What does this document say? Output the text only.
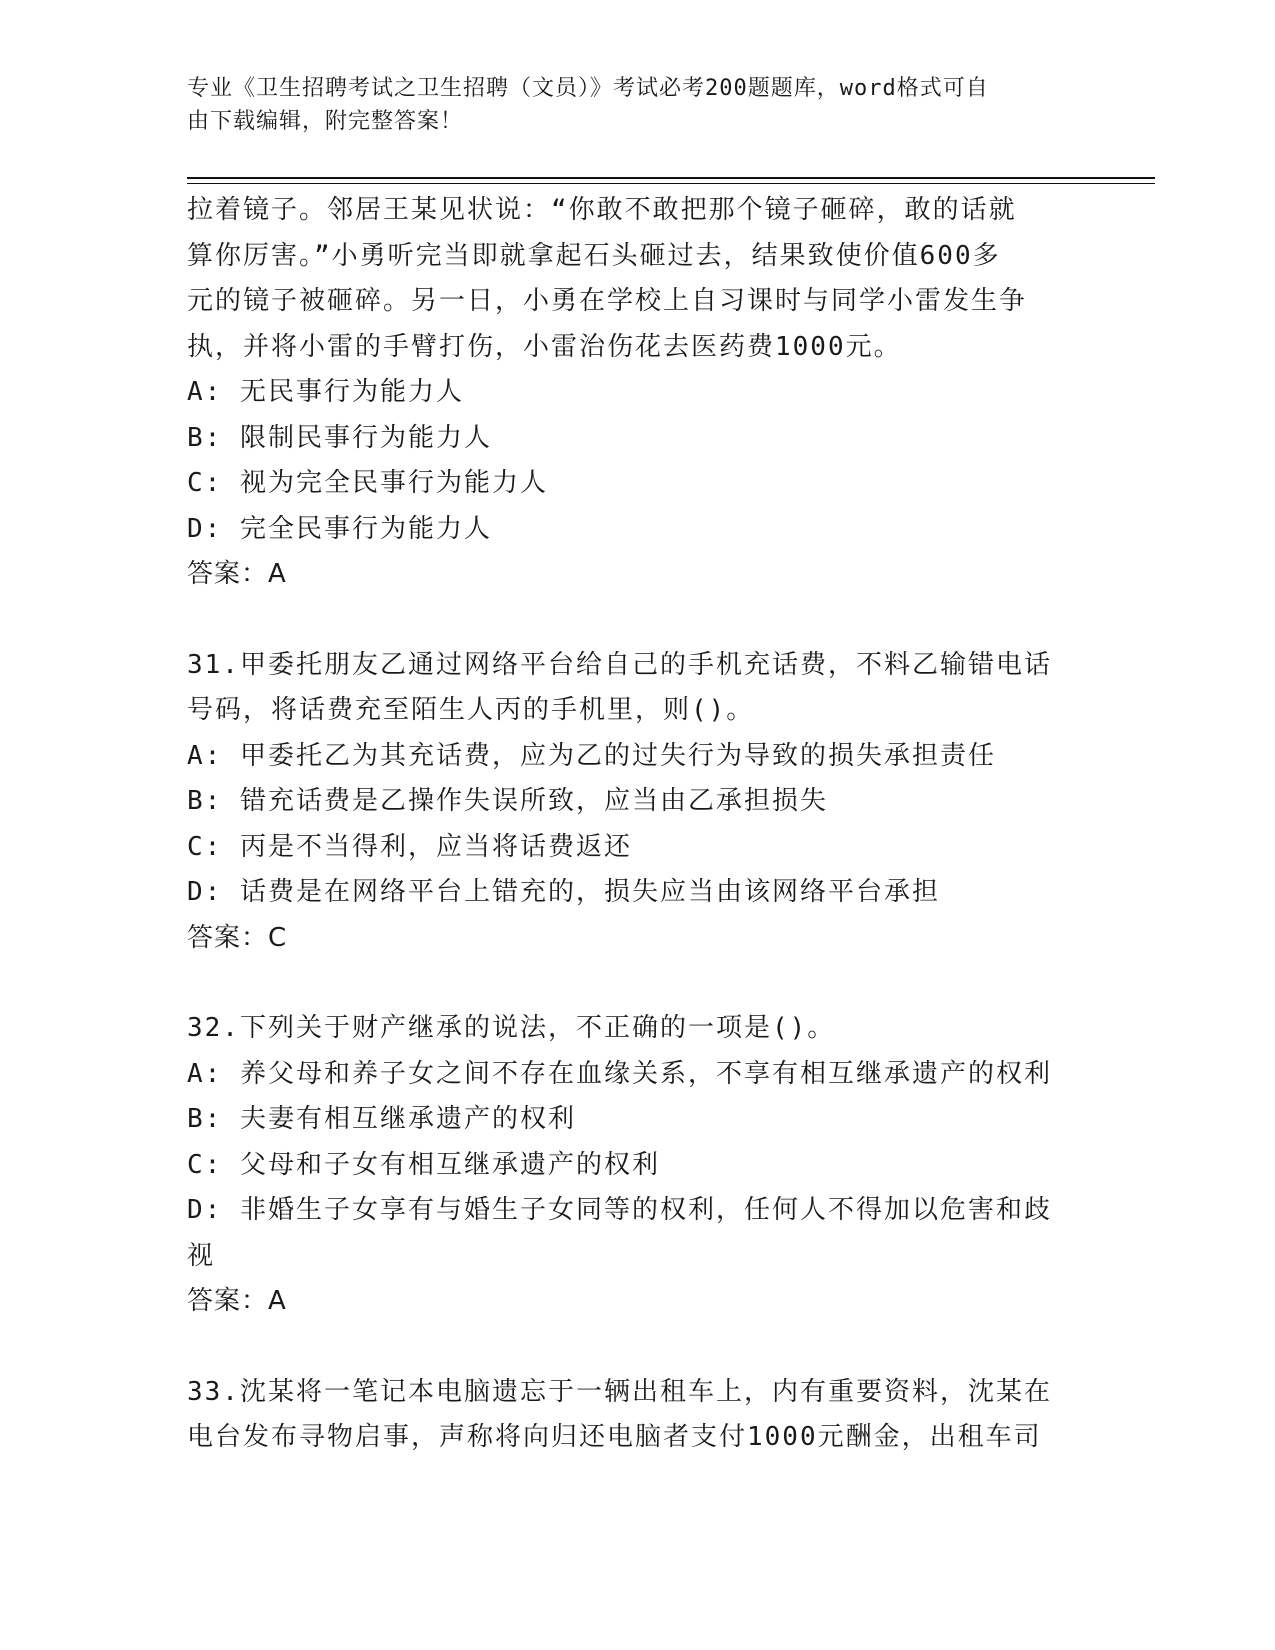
专业《卫生招聘考试之卫生招聘（文员）》考试必考200题题库，word格式可自
由下载编辑，附完整答案！
拉着镜子。邻居王某见状说：“你敢不敢把那个镜子砸碎，敢的话就
算你厉害。”小勇听完当即就拿起石头砸过去，结果致使价值600多
元的镜子被砸碎。另一日，小勇在学校上自习课时与同学小雷发生争
执，并将小雷的手臂打伤，小雷治伤花去医药费1000元。
A: 无民事行为能力人
B: 限制民事行为能力人
C: 视为完全民事行为能力人
D: 完全民事行为能力人
答案：A
31.甲委托朋友乙通过网络平台给自己的手机充话费，不料乙输错电话
号码，将话费充至陌生人丙的手机里，则()。
A: 甲委托乙为其充话费，应为乙的过失行为导致的损失承担责任
B: 错充话费是乙操作失误所致，应当由乙承担损失
C: 丙是不当得利，应当将话费返还
D: 话费是在网络平台上错充的，损失应当由该网络平台承担
答案：C
32.下列关于财产继承的说法，不正确的一项是()。
A: 养父母和养子女之间不存在血缘关系，不享有相互继承遗产的权利
B: 夫妻有相互继承遗产的权利
C: 父母和子女有相互继承遗产的权利
D: 非婚生子女享有与婚生子女同等的权利，任何人不得加以危害和歧
视
答案：A
33.沈某将一笔记本电脑遗忘于一辆出租车上，内有重要资料，沈某在
电台发布寻物启事，声称将向归还电脑者支付1000元酬金，出租车司
